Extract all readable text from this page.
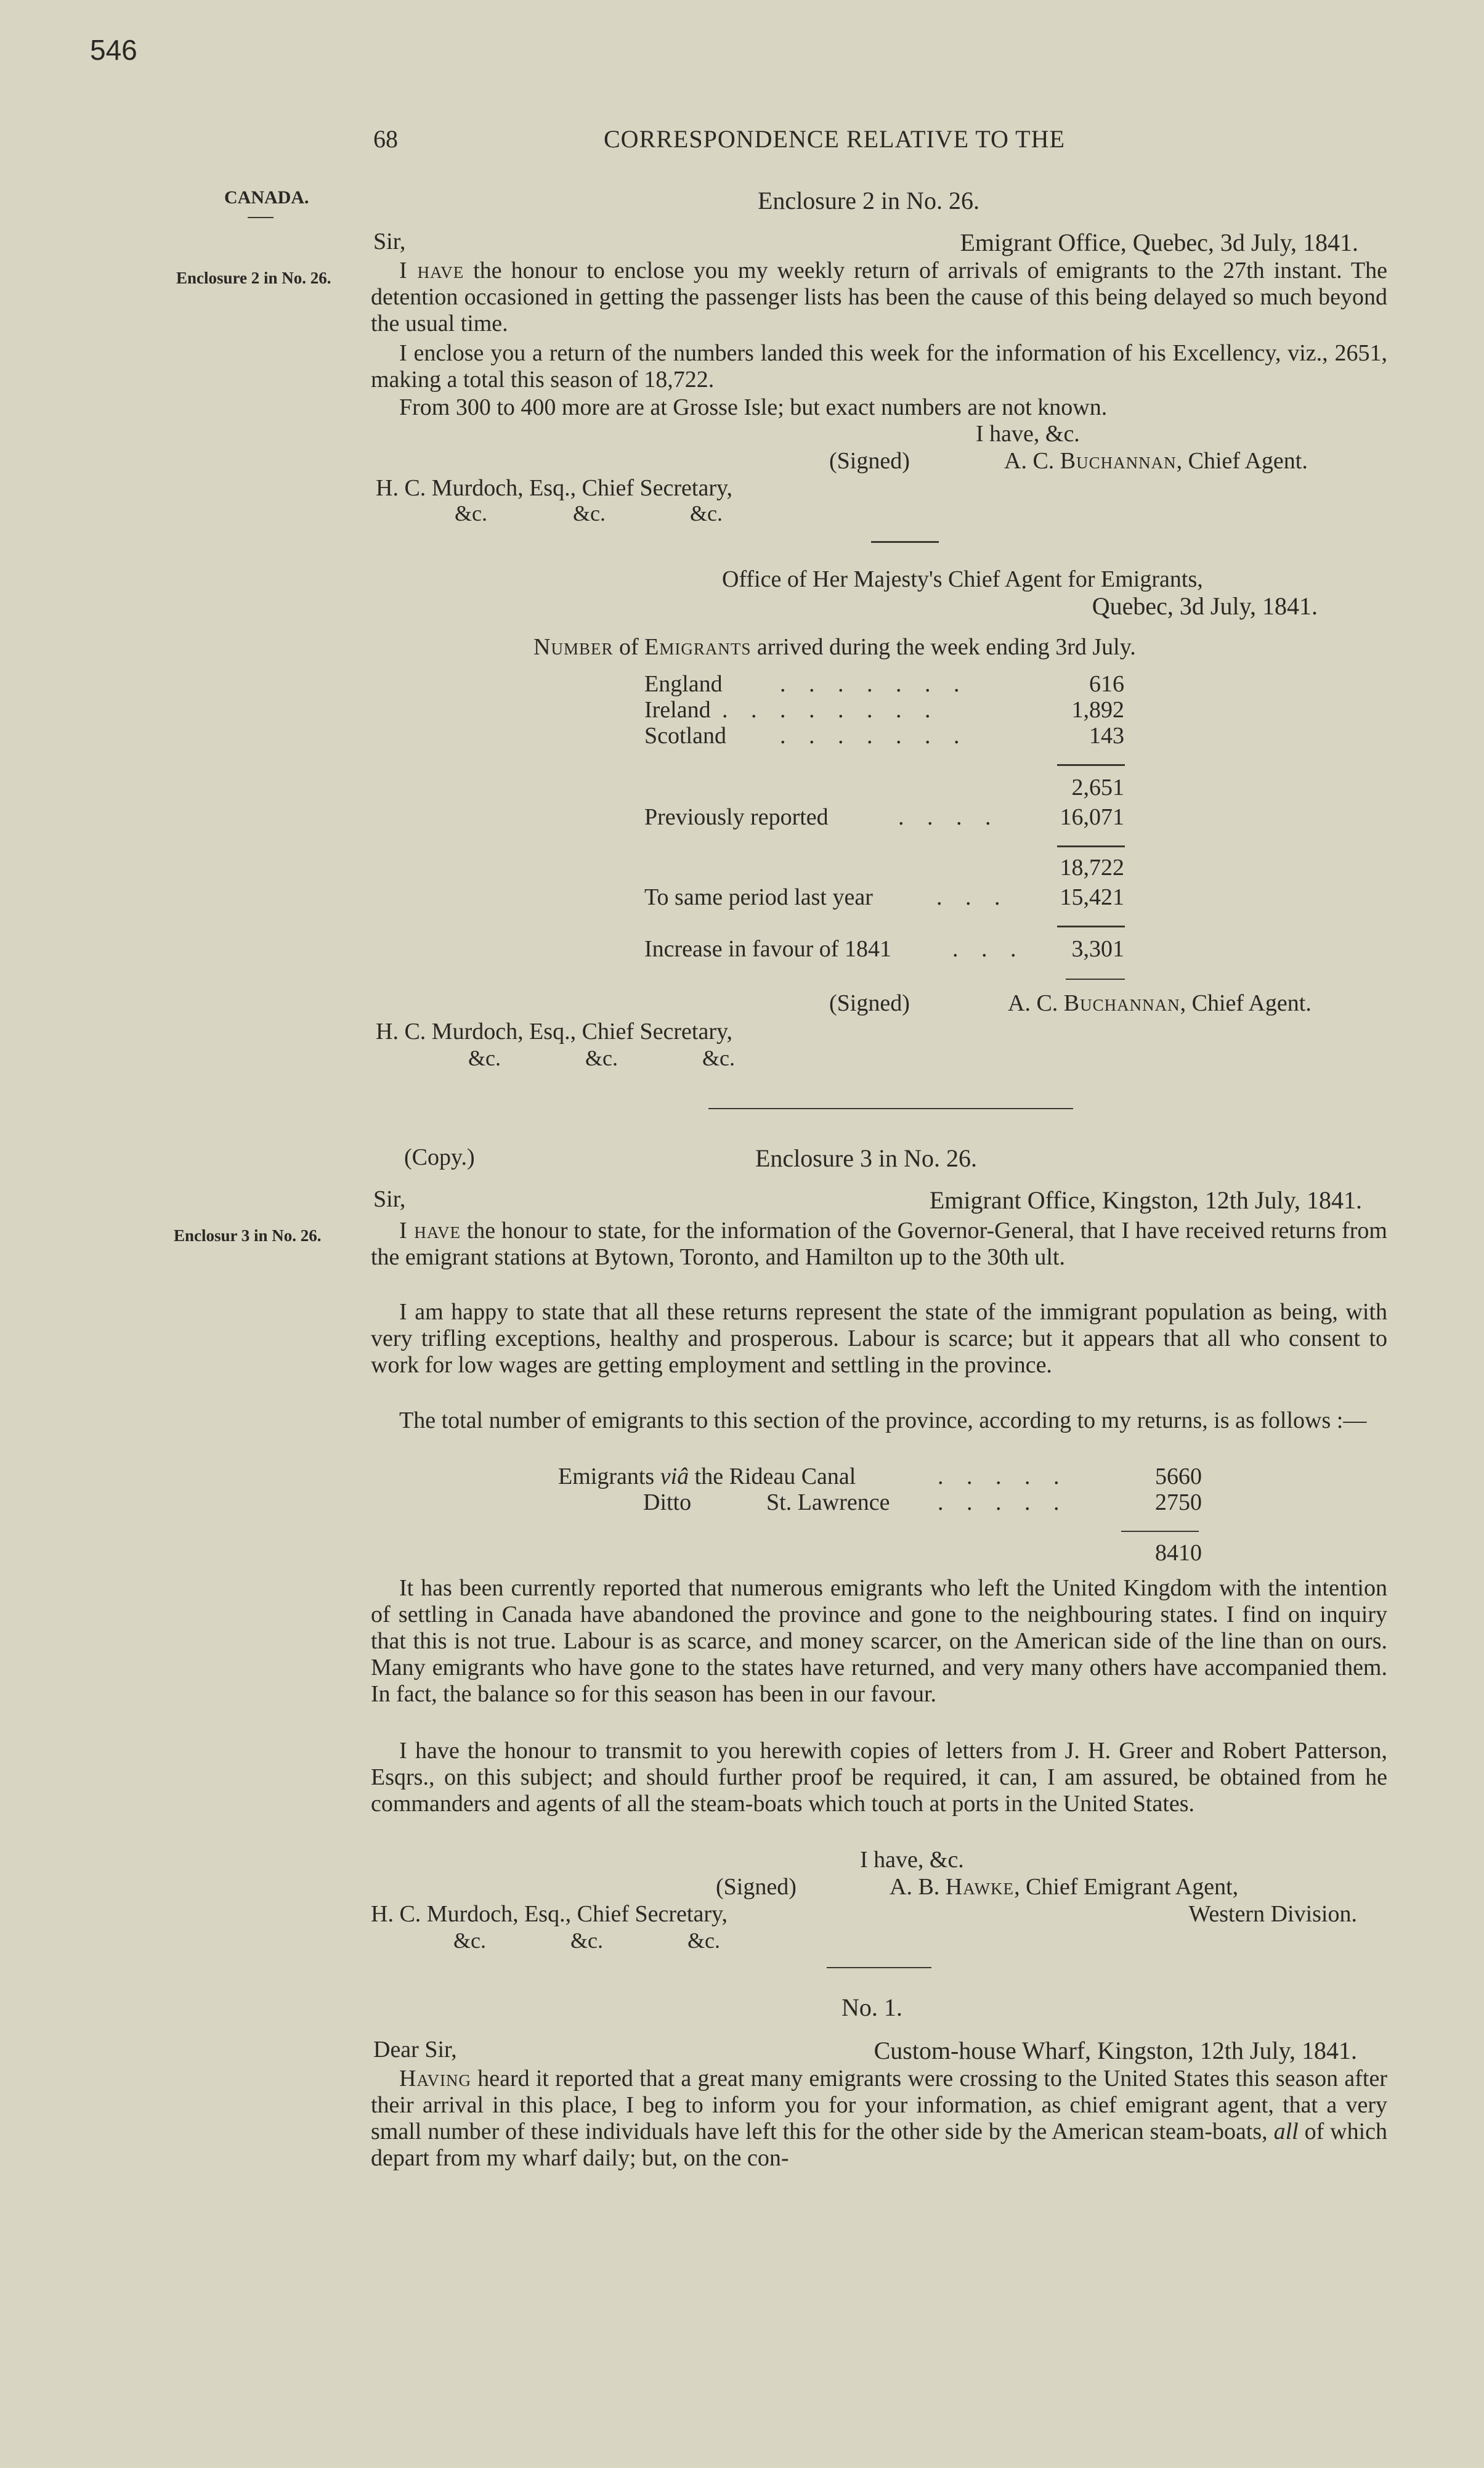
546
68	CORRESPONDENCE RELATIVE TO THE
CANADA.
Enclosure 2 in No. 26.
Enclosur 3 in No. 26.
Enclosure 2 in No. 26.
Sir,	Emigrant Office, Quebec, 3d July, 1841.
I have the honour to enclose you my weekly return of arrivals of emigrants to the 27th instant. The detention occasioned in getting the passenger lists has been the cause of this being delayed so much beyond the usual time.
I enclose you a return of the numbers landed this week for the information of his Excellency, viz., 2651, making a total this season of 18,722.
From 300 to 400 more are at Grosse Isle; but exact numbers are not known.
I have, &c.
(Signed)	A. C. Buchannan, Chief Agent.
H. C. Murdoch, Esq., Chief Secretary,
&c.	&c.	&c.
Office of Her Majesty's Chief Agent for Emigrants,
Quebec, 3d July, 1841.
Number of Emigrants arrived during the week ending 3rd July.
England . . . . . . .	616
Ireland . . . . . . . .	1,892
Scotland . . . . . . .	143
2,651
Previously reported	. . . .	16,071
18,722
To same period last year	. . . 15,421
Increase in favour of 1841	. . . 3,301
(Signed)	A. C. Buchannan, Chief Agent.
H. C. Murdoch, Esq., Chief Secretary,
&c.	&c.	&c.
(Copy.)	Enclosure 3 in No. 26.
Sir,	Emigrant Office, Kingston, 12th July, 1841.
I have the honour to state, for the information of the Governor-General, that I have received returns from the emigrant stations at Bytown, Toronto, and Hamilton up to the 30th ult.
I am happy to state that all these returns represent the state of the immigrant population as being, with very trifling exceptions, healthy and prosperous. Labour is scarce; but it appears that all who consent to work for low wages are getting employment and settling in the province.
The total number of emigrants to this section of the province, according to my returns, is as follows :—
Emigrants viâ the Rideau Canal	. . . . .	5660
Ditto	St. Lawrence . . . . .	2750
8410
It has been currently reported that numerous emigrants who left the United Kingdom with the intention of settling in Canada have abandoned the province and gone to the neighbouring states. I find on inquiry that this is not true. Labour is as scarce, and money scarcer, on the American side of the line than on ours. Many emigrants who have gone to the states have returned, and very many others have accompanied them. In fact, the balance so for this season has been in our favour.
I have the honour to transmit to you herewith copies of letters from J. H. Greer and Robert Patterson, Esqrs., on this subject; and should further proof be required, it can, I am assured, be obtained from he commanders and agents of all the steam-boats which touch at ports in the United States.
I have, &c.
(Signed)	A. B. Hawke, Chief Emigrant Agent,
H. C. Murdoch, Esq., Chief Secretary,	Western Division.
&c.	&c.	&c.
No. 1.
Dear Sir,	Custom-house Wharf, Kingston, 12th July, 1841.
Having heard it reported that a great many emigrants were crossing to the United States this season after their arrival in this place, I beg to inform you for your information, as chief emigrant agent, that a very small number of these individuals have left this for the other side by the American steam-boats, all of which depart from my wharf daily; but, on the con-
